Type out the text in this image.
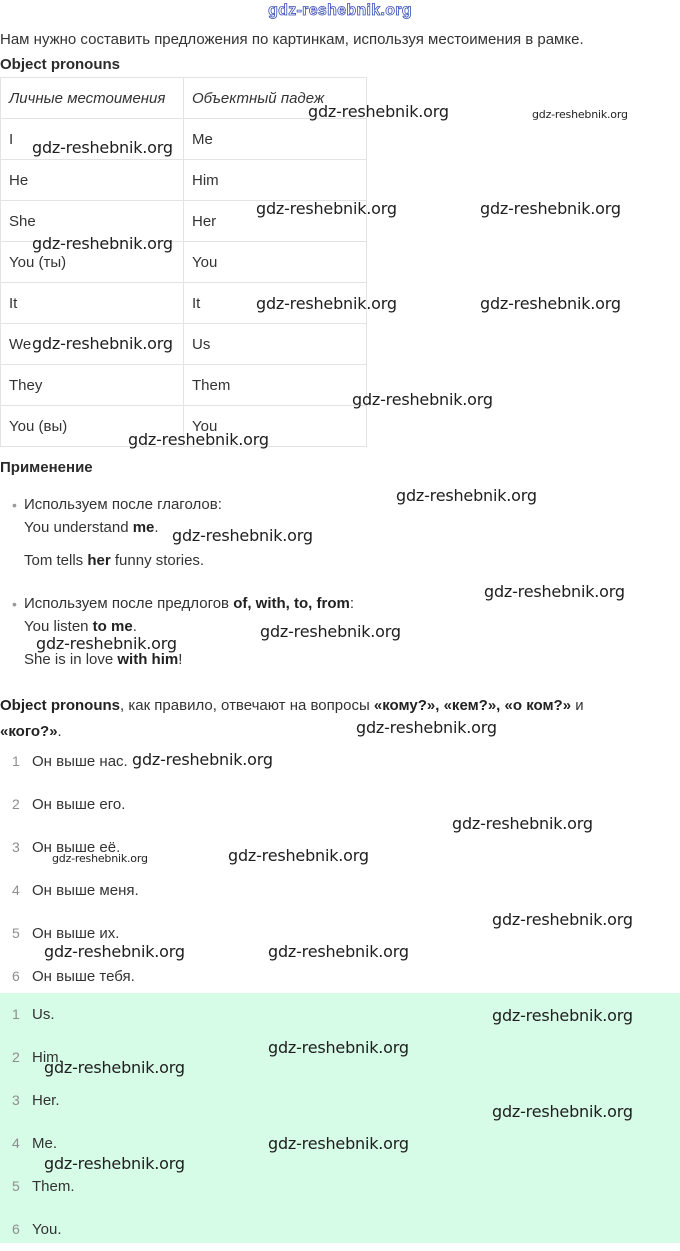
gdz-reshebnik.org
Нам нужно составить предложения по картинкам, используя местоимения в рамке.
Object pronouns
Личные местоимения	Объектный падеж
I	Me
He	Him
She	Her
You (ты)	You
It	It
We	Us
They	Them
You (вы)	You
Применение
• Используем после глаголов:
You understand me.
Tom tells her funny stories.
• Используем после предлогов of, with, to, from:
You listen to me.
She is in love with him!
Object pronouns, как правило, отвечают на вопросы «кому?», «кем?», «о ком?» и
«кого?».
1 Он выше нас.
2 Он выше его.
3 Он выше её.
4 Он выше меня.
5 Он выше их.
6 Он выше тебя.
1 Us.
2 Him.
3 Her.
4 Me.
5 Them.
6 You.
gdz-reshebnik.org	gdz-reshebnik.org
gdz-reshebnik.org
gdz-reshebnik.org	gdz-reshebnik.org
gdz-reshebnik.org
gdz-reshebnik.org	gdz-reshebnik.org
gdz-reshebnik.org
gdz-reshebnik.org
gdz-reshebnik.org
gdz-reshebnik.org
gdz-reshebnik.org
gdz-reshebnik.org
gdz-reshebnik.org
gdz-reshebnik.org
gdz-reshebnik.org
gdz-reshebnik.org
gdz-reshebnik.org
gdz-reshebnik.org	gdz-reshebnik.org
gdz-reshebnik.org
gdz-reshebnik.org	gdz-reshebnik.org
gdz-reshebnik.org
gdz-reshebnik.org
gdz-reshebnik.org
gdz-reshebnik.org
gdz-reshebnik.org
gdz-reshebnik.org
